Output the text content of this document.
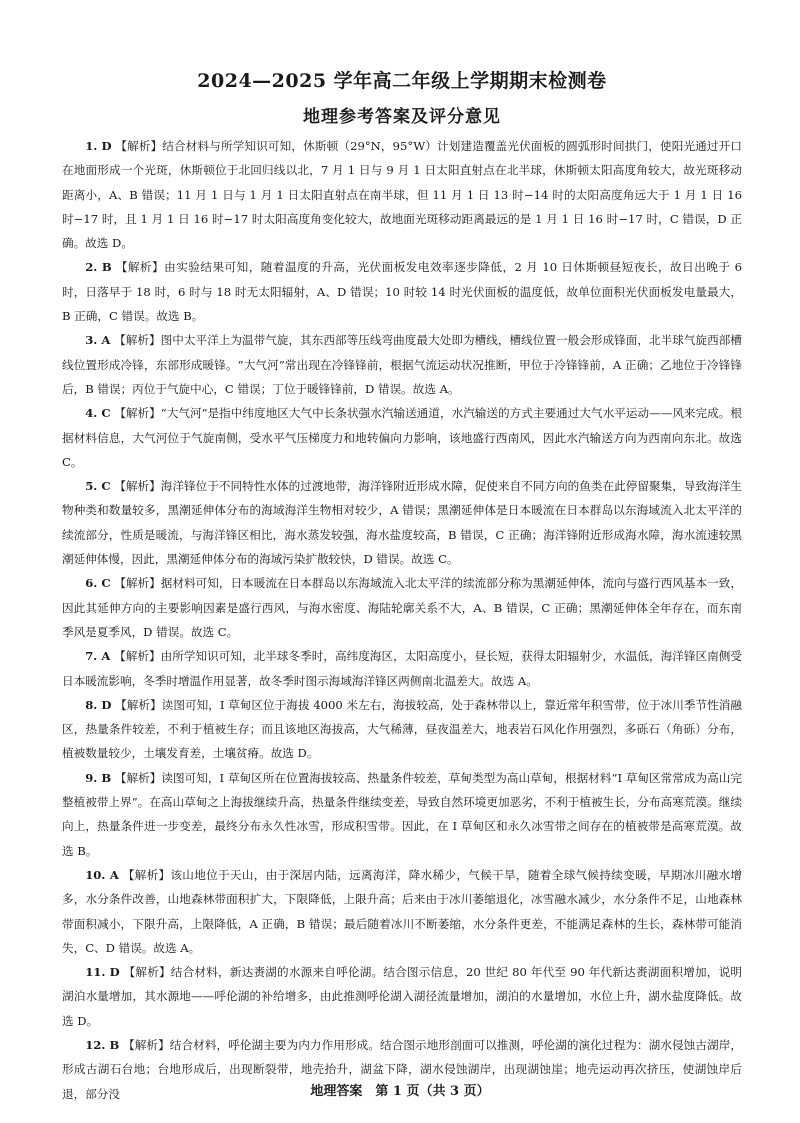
2024—2025 学年高二年级上学期期末检测卷
地理参考答案及评分意见

1. D 【解析】结合材料与所学知识可知，休斯顿（29°N，95°W）计划建造覆盖光伏面板的圆弧形时间拱门，使阳光通过开口在地面形成一个光斑，休斯顿位于北回归线以北，7 月 1 日与 9 月 1 日太阳直射点在北半球，休斯顿太阳高度角较大，故光斑移动距离小，A、B 错误；11 月 1 日与 1 月 1 日太阳直射点在南半球，但 11 月 1 日 13 时−14 时的太阳高度角远大于 1 月 1 日 16 时−17 时，且 1 月 1 日 16 时−17 时太阳高度角变化较大，故地面光斑移动距离最远的是 1 月 1 日 16 时−17 时，C 错误，D 正确。故选 D。

2. B 【解析】由实验结果可知，随着温度的升高，光伏面板发电效率逐步降低，2 月 10 日休斯顿昼短夜长，故日出晚于 6 时，日落早于 18 时，6 时与 18 时无太阳辐射，A、D 错误；10 时较 14 时光伏面板的温度低，故单位面积光伏面板发电量最大，B 正确，C 错误。故选 B。

3. A 【解析】图中太平洋上为温带气旋，其东西部等压线弯曲度最大处即为槽线，槽线位置一般会形成锋面，北半球气旋西部槽线位置形成冷锋，东部形成暖锋。“大气河”常出现在冷锋锋前，根据气流运动状况推断，甲位于冷锋锋前，A 正确；乙地位于冷锋锋后，B 错误；丙位于气旋中心，C 错误；丁位于暖锋锋前，D 错误。故选 A。

4. C 【解析】“大气河”是指中纬度地区大气中长条状强水汽输送通道，水汽输送的方式主要通过大气水平运动——风来完成。根据材料信息，大气河位于气旋南侧，受水平气压梯度力和地转偏向力影响，该地盛行西南风，因此水汽输送方向为西南向东北。故选 C。

5. C 【解析】海洋锋位于不同特性水体的过渡地带，海洋锋附近形成水障，促使来自不同方向的鱼类在此停留聚集，导致海洋生物种类和数量较多，黑潮延伸体分布的海域海洋生物相对较少，A 错误；黑潮延伸体是日本暖流在日本群岛以东海域流入北太平洋的续流部分，性质是暖流，与海洋锋区相比，海水蒸发较强，海水盐度较高，B 错误，C 正确；海洋锋附近形成海水障，海水流速较黑潮延伸体慢，因此，黑潮延伸体分布的海域污染扩散较快，D 错误。故选 C。

6. C 【解析】据材料可知，日本暖流在日本群岛以东海域流入北太平洋的续流部分称为黑潮延伸体，流向与盛行西风基本一致，因此其延伸方向的主要影响因素是盛行西风，与海水密度、海陆轮廓关系不大，A、B 错误，C 正确；黑潮延伸体全年存在，而东南季风是夏季风，D 错误。故选 C。

7. A 【解析】由所学知识可知，北半球冬季时，高纬度海区，太阳高度小，昼长短，获得太阳辐射少，水温低，海洋锋区南侧受日本暖流影响，冬季时增温作用显著，故冬季时图示海域海洋锋区两侧南北温差大。故选 A。

8. D 【解析】读图可知，I 草甸区位于海拔 4000 米左右，海拔较高，处于森林带以上，靠近常年积雪带，位于冰川季节性消融区，热量条件较差，不利于植被生存；而且该地区海拔高，大气稀薄，昼夜温差大，地表岩石风化作用强烈，多砾石（角砾）分布，植被数量较少，土壤发育差，土壤贫瘠。故选 D。

9. B 【解析】读图可知，I 草甸区所在位置海拔较高、热量条件较差，草甸类型为高山草甸，根据材料“I 草甸区常常成为高山完整植被带上界”。在高山草甸之上海拔继续升高，热量条件继续变差，导致自然环境更加恶劣，不利于植被生长，分布高寒荒漠。继续向上，热量条件进一步变差，最终分布永久性冰雪，形成积雪带。因此，在 I 草甸区和永久冰雪带之间存在的植被带是高寒荒漠。故选 B。

10. A 【解析】该山地位于天山，由于深居内陆，远离海洋，降水稀少，气候干旱，随着全球气候持续变暖，早期冰川融水增多，水分条件改善，山地森林带面积扩大，下限降低，上限升高；后来由于冰川萎缩退化，冰雪融水减少，水分条件不足，山地森林带面积减小，下限升高，上限降低，A 正确，B 错误；最后随着冰川不断萎缩，水分条件更差，不能满足森林的生长，森林带可能消失，C、D 错误。故选 A。

11. D 【解析】结合材料，新达赉湖的水源来自呼伦湖。结合图示信息，20 世纪 80 年代至 90 年代新达赉湖面积增加，说明湖泊水量增加，其水源地——呼伦湖的补给增多，由此推测呼伦湖入湖径流量增加，湖泊的水量增加，水位上升，湖水盐度降低。故选 D。

12. B 【解析】结合材料，呼伦湖主要为内力作用形成。结合图示地形剖面可以推测，呼伦湖的演化过程为：湖水侵蚀古湖岸，形成古湖石台地；台地形成后，出现断裂带，地壳抬升，湖盆下降，湖水侵蚀湖岸，出现湖蚀崖；地壳运动再次挤压，使湖蚀岸后退，部分没	地理答案　第 1 页（共 3 页）
